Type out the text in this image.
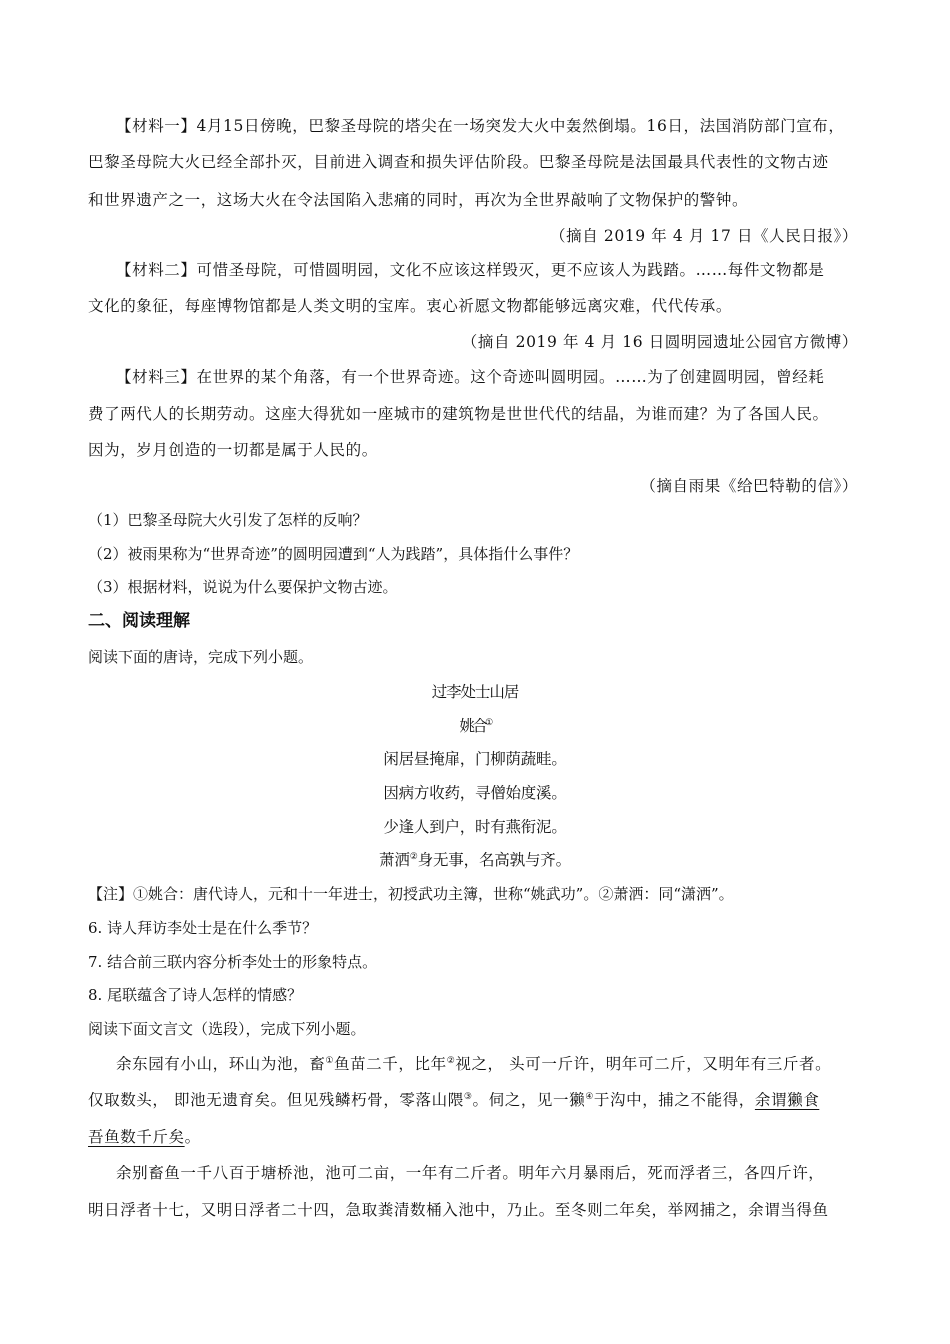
【材料一】4月15日傍晚，巴黎圣母院的塔尖在一场突发大火中轰然倒塌。16日，法国消防部门宣布，
巴黎圣母院大火已经全部扑灭，目前进入调查和损失评估阶段。巴黎圣母院是法国最具代表性的文物古迹
和世界遗产之一，这场大火在令法国陷入悲痛的同时，再次为全世界敲响了文物保护的警钟。
（摘自 2019 年 4 月 17 日《人民日报》）
【材料二】可惜圣母院，可惜圆明园，文化不应该这样毁灭，更不应该人为践踏。……每件文物都是
文化的象征，每座博物馆都是人类文明的宝库。衷心祈愿文物都能够远离灾难，代代传承。
（摘自 2019 年 4 月 16 日圆明园遗址公园官方微博）
【材料三】在世界的某个角落，有一个世界奇迹。这个奇迹叫圆明园。……为了创建圆明园，曾经耗
费了两代人的长期劳动。这座大得犹如一座城市的建筑物是世世代代的结晶，为谁而建？为了各国人民。
因为，岁月创造的一切都是属于人民的。
（摘自雨果《给巴特勒的信》）
（1）巴黎圣母院大火引发了怎样的反响？
（2）被雨果称为“世界奇迹”的圆明园遭到“人为践踏”，具体指什么事件？
（3）根据材料，说说为什么要保护文物古迹。
二、阅读理解
阅读下面的唐诗，完成下列小题。
过李处士山居
姚合①
闲居昼掩扉，门柳荫蔬畦。
因病方收药，寻僧始度溪。
少逢人到户，时有燕衔泥。
萧洒②身无事，名高孰与齐。
【注】①姚合：唐代诗人，元和十一年进士，初授武功主簿，世称“姚武功”。②萧洒：同“潇洒”。
6. 诗人拜访李处士是在什么季节？
7. 结合前三联内容分析李处士的形象特点。
8. 尾联蕴含了诗人怎样的情感？
阅读下面文言文（选段），完成下列小题。
余东园有小山，环山为池，畜①鱼苗二千，比年②视之， 头可一斤许，明年可二斤，又明年有三斤者。
仅取数头， 即池无遗育矣。但见残鳞朽骨，零落山隈③。伺之，见一獭④于沟中，捕之不能得，余谓獭食
吾鱼数千斤矣。
余别畜鱼一千八百于塘桥池，池可二亩，一年有二斤者。明年六月暴雨后，死而浮者三，各四斤许，
明日浮者十七，又明日浮者二十四，急取粪清数桶入池中，乃止。至冬则二年矣，举网捕之，余谓当得鱼
